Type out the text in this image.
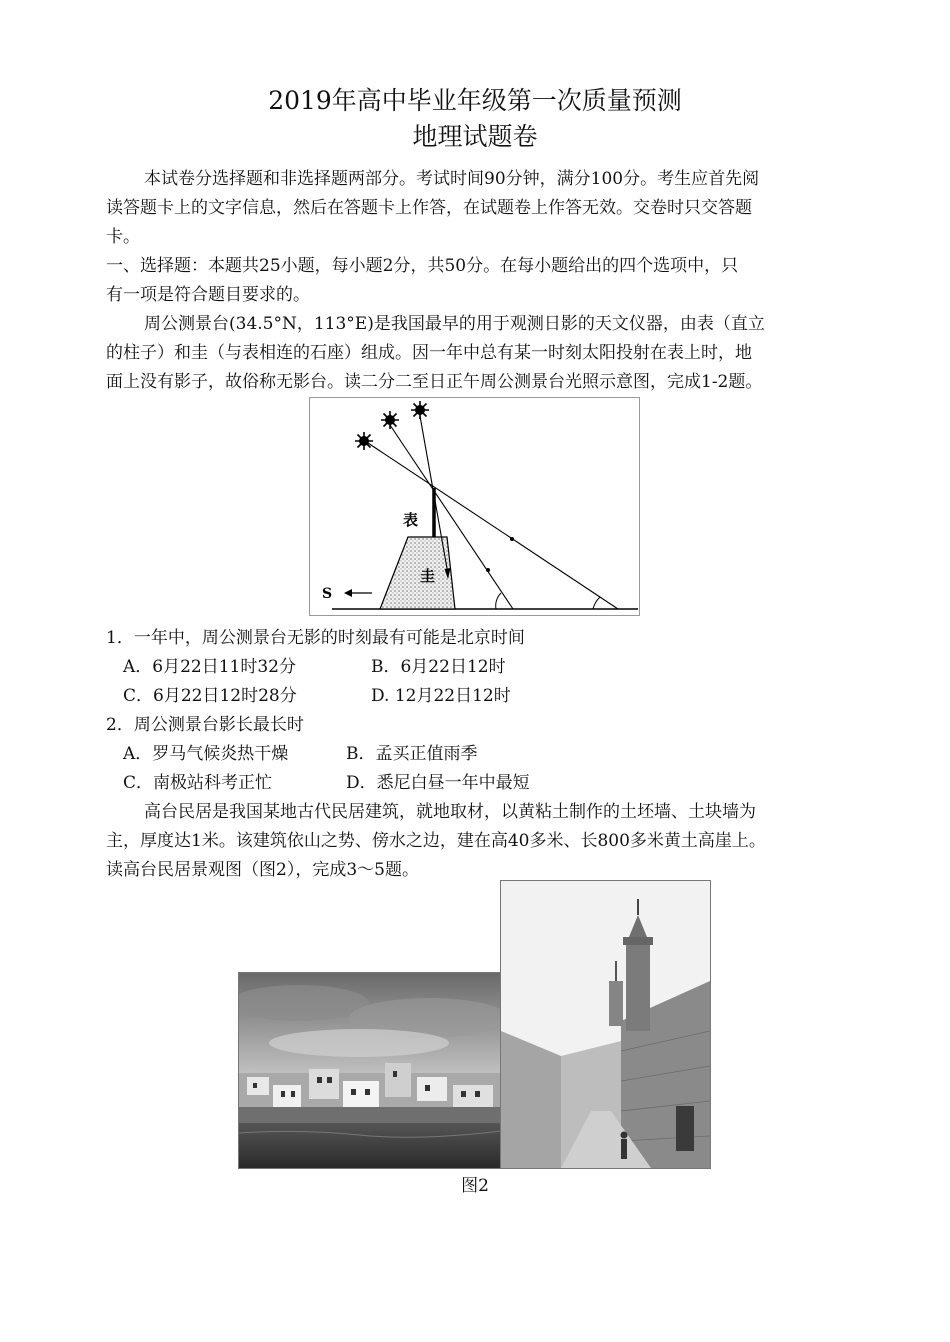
2019年高中毕业年级第一次质量预测
地理试题卷
本试卷分选择题和非选择题两部分。考试时间90分钟，满分100分。考生应首先阅
读答题卡上的文字信息，然后在答题卡上作答，在试题卷上作答无效。交卷时只交答题
卡。
一、选择题：本题共25小题，每小题2分，共50分。在每小题给出的四个选项中，只
有一项是符合题目要求的。
周公测景台(34.5°N，113°E)是我国最早的用于观测日影的天文仪器，由表（直立
的柱子）和圭（与表相连的石座）组成。因一年中总有某一时刻太阳投射在表上时，地
面上没有影子，故俗称无影台。读二分二至日正午周公测景台光照示意图，完成1-2题。
表
圭
S
1．一年中，周公测景台无影的时刻最有可能是北京时间
A．6月22日11时32分	B．6月22日12时
C．6月22日12时28分	D. 12月22日12时
2．周公测景台影长最长时
A．罗马气候炎热干燥	B．孟买正值雨季
C．南极站科考正忙	D．悉尼白昼一年中最短
高台民居是我国某地古代民居建筑，就地取材，以黄粘土制作的土坯墙、土块墙为
主，厚度达1米。该建筑依山之势、傍水之边，建在高40多米、长800多米黄土高崖上。
读高台民居景观图（图2），完成3～5题。
图2
